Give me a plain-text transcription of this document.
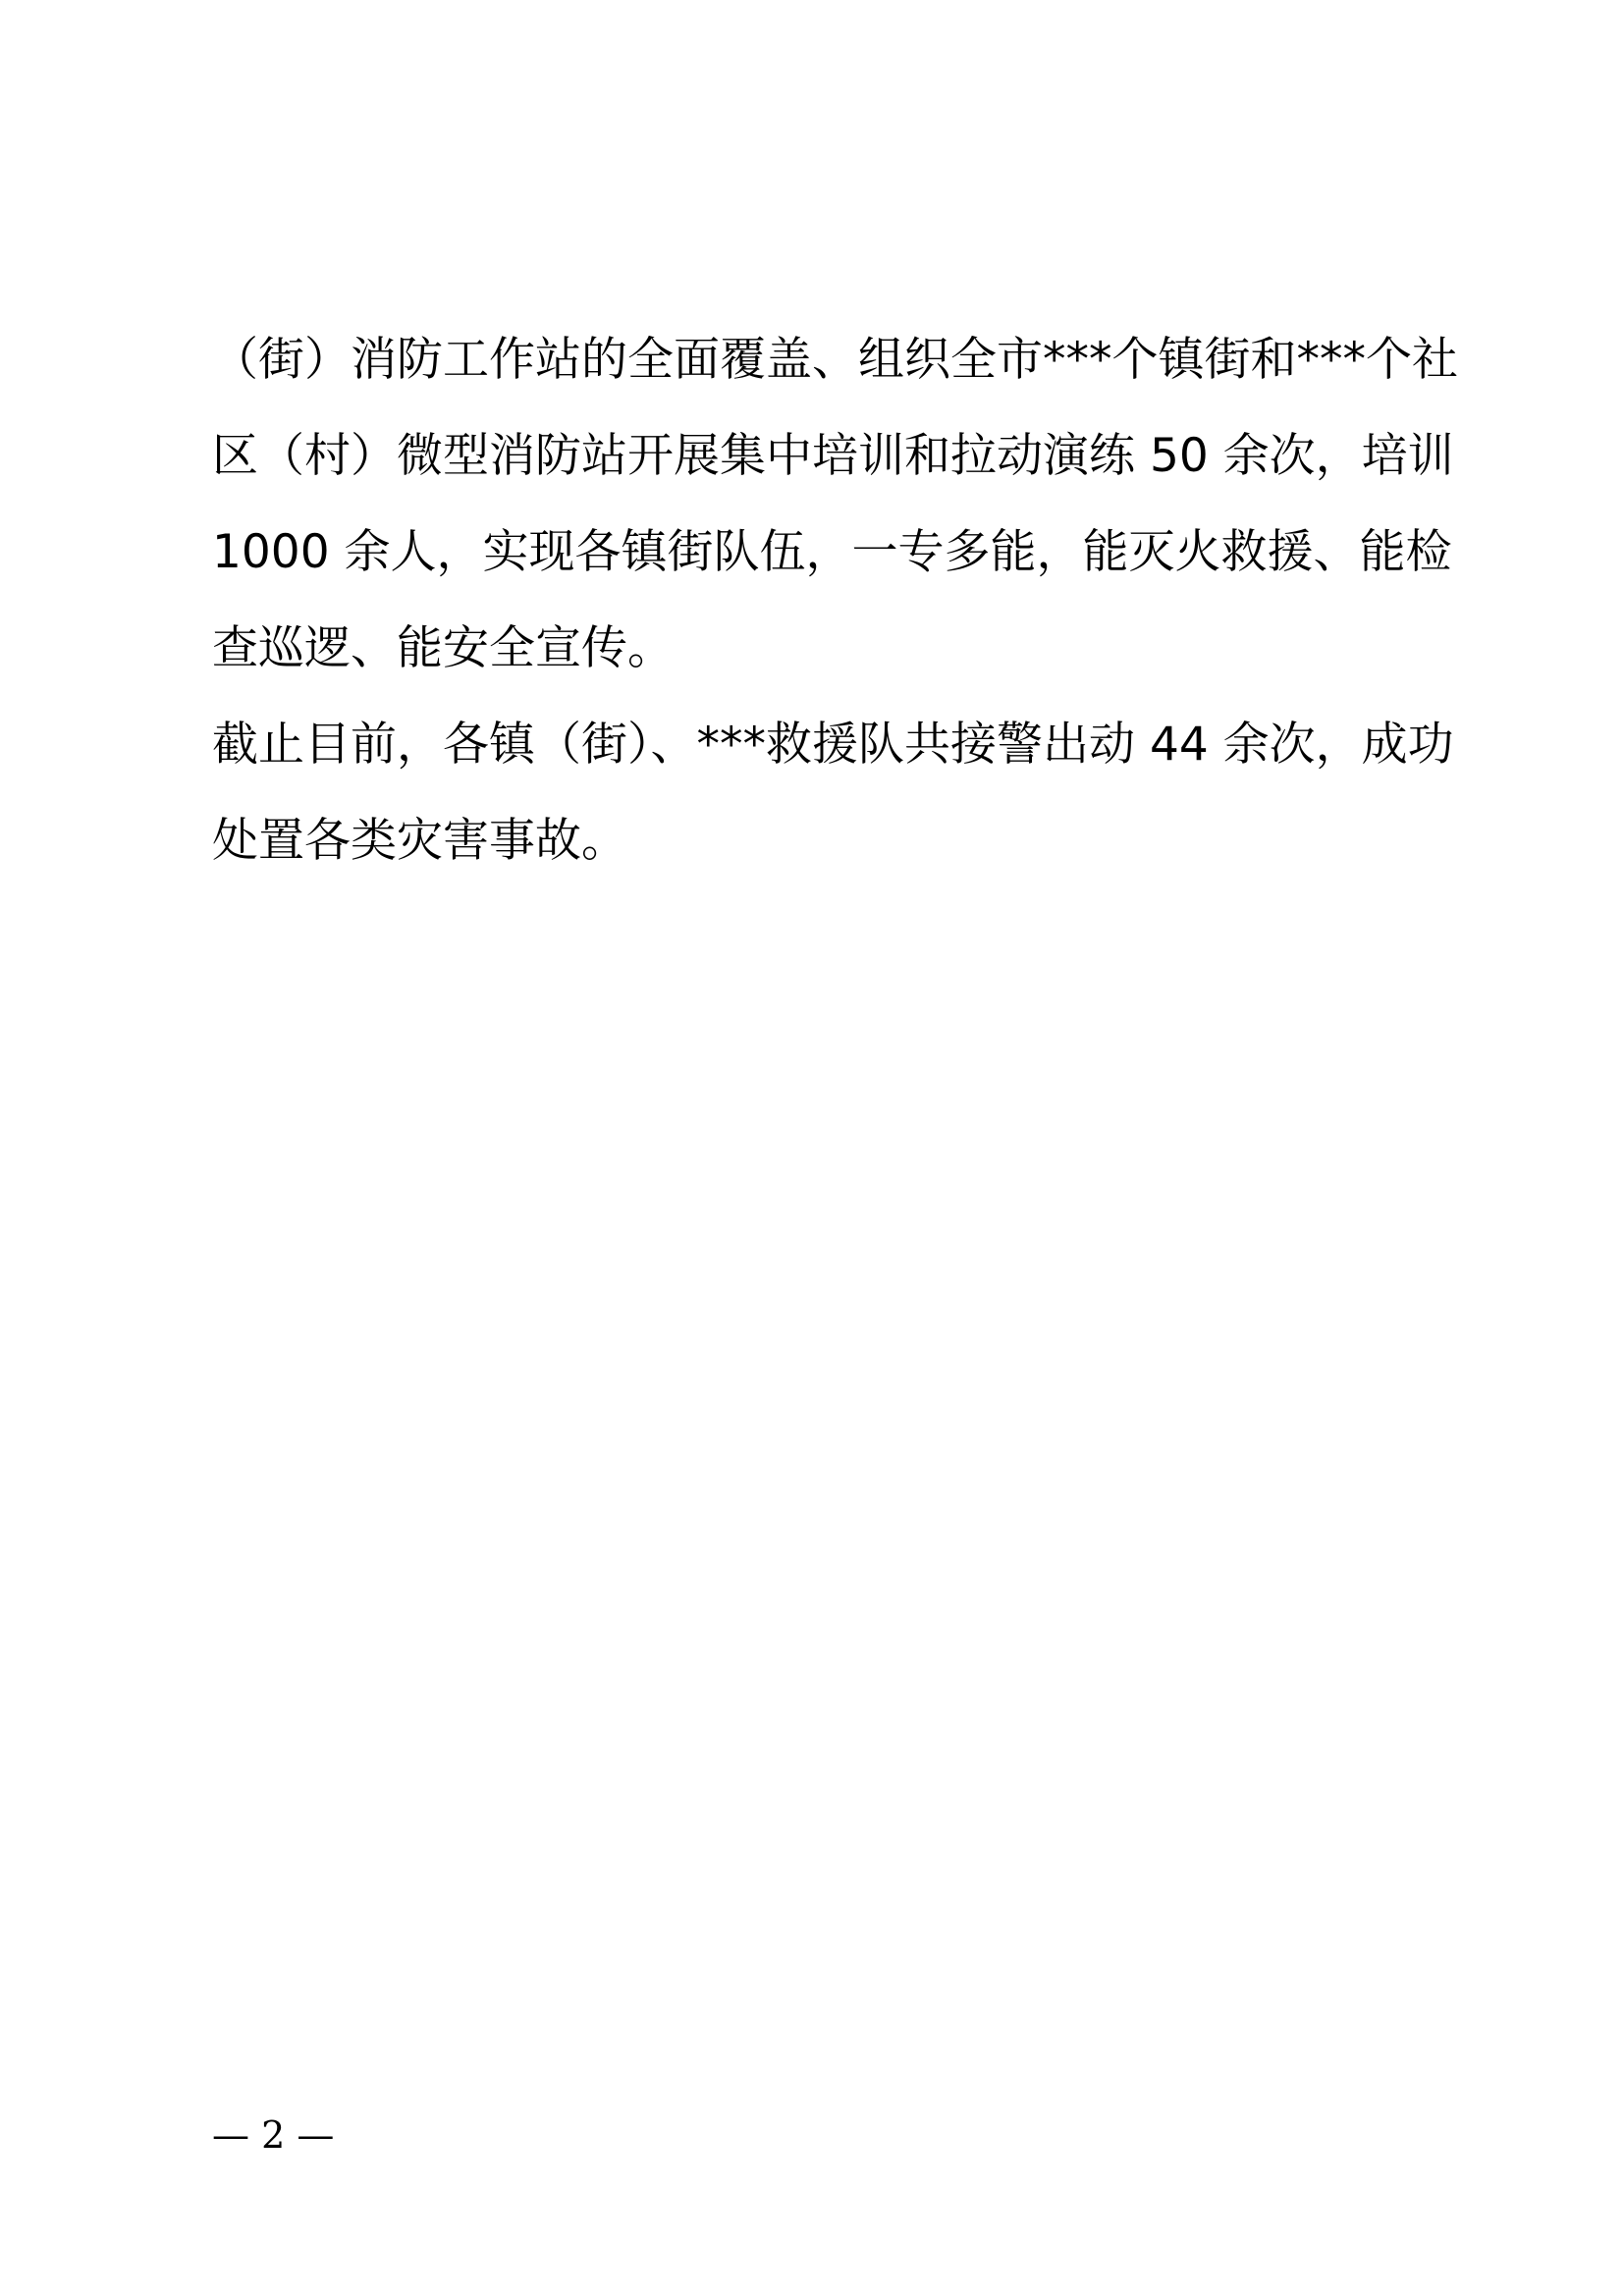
（街）消防工作站的全面覆盖、组织全市***个镇街和***个社
区（村）微型消防站开展集中培训和拉动演练 50 余次，培训
1000 余人，实现各镇街队伍，一专多能，能灭火救援、能检
查巡逻、能安全宣传。
截止目前，各镇（街）、***救援队共接警出动 44 余次，成功
处置各类灾害事故。
— 2 —
